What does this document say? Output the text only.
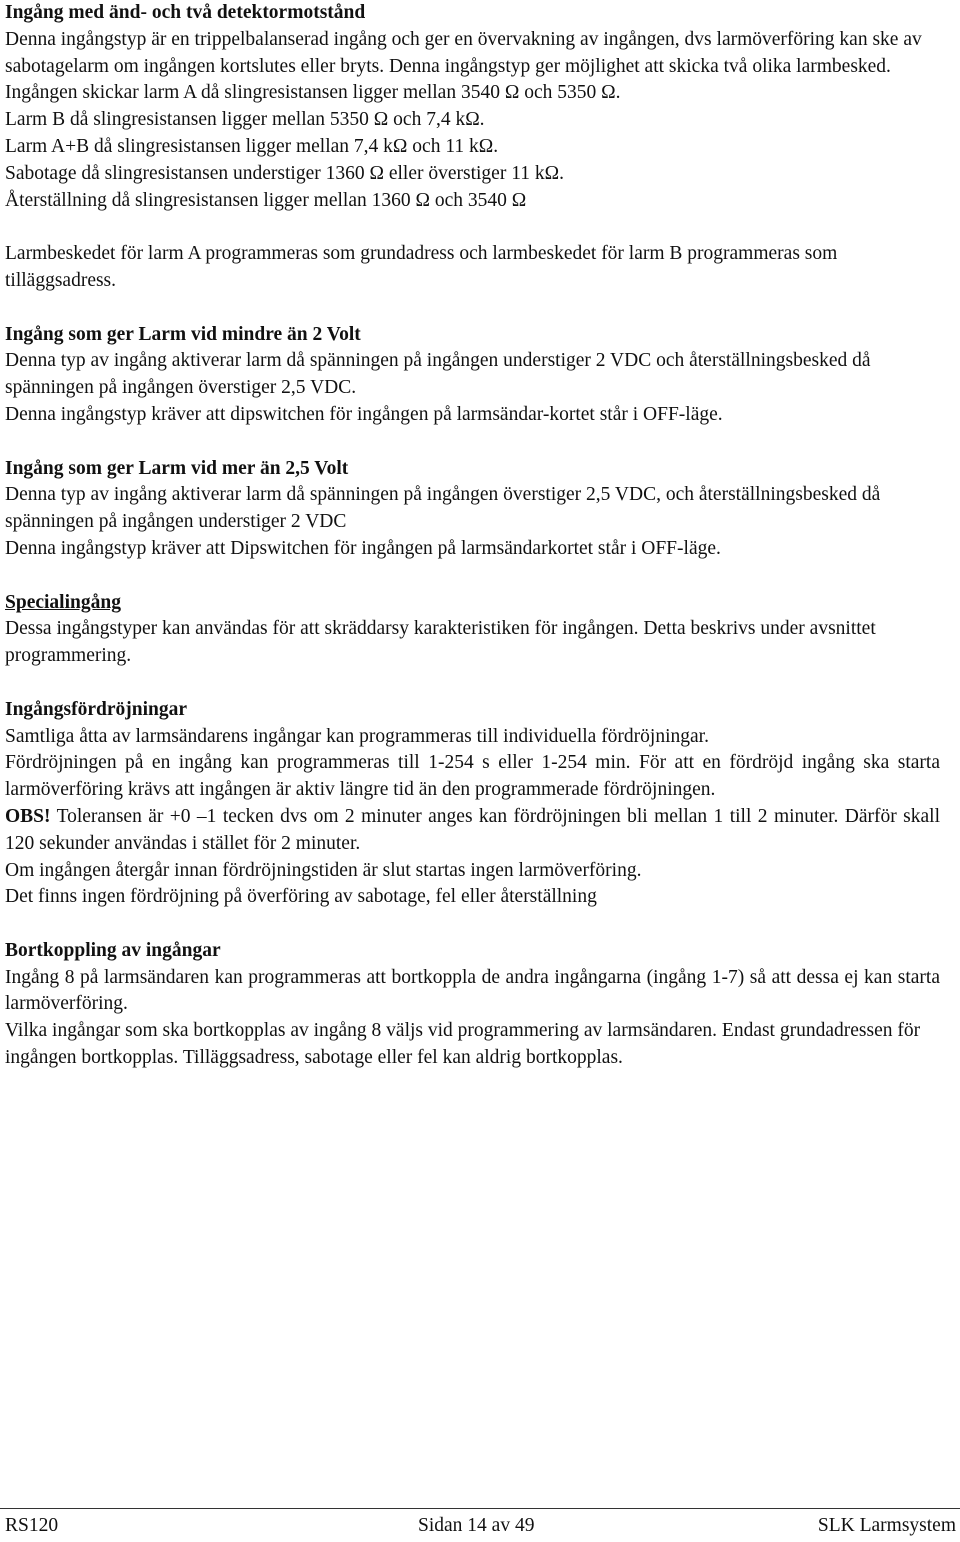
Ingång med änd- och två detektormotstånd

Denna ingångstyp är en trippelbalanserad ingång och ger en övervakning av ingången, dvs larmöverföring kan ske av sabotagelarm om ingången kortslutes eller bryts. Denna ingångstyp ger möjlighet att skicka två olika larmbesked.

Ingången skickar larm A då slingresistansen ligger mellan 3540 Ω och 5350 Ω.

Larm B då slingresistansen ligger mellan 5350 Ω och 7,4 kΩ.

Larm A+B då slingresistansen ligger mellan 7,4 kΩ och 11 kΩ.

Sabotage då slingresistansen understiger 1360 Ω eller överstiger 11 kΩ.

Återställning då slingresistansen ligger mellan 1360 Ω och 3540 Ω

Larmbeskedet för larm A programmeras som grundadress och larmbeskedet för larm B programmeras som tilläggsadress.

Ingång som ger Larm vid mindre än 2 Volt

Denna typ av ingång aktiverar larm då spänningen på ingången understiger 2 VDC och återställningsbesked då spänningen på ingången överstiger 2,5 VDC.

Denna ingångstyp kräver att dipswitchen för ingången på larmsändar-kortet står i OFF-läge.

Ingång som ger Larm vid mer än 2,5 Volt

Denna typ av ingång aktiverar larm då spänningen på ingången överstiger 2,5 VDC, och återställningsbesked då spänningen på ingången understiger 2 VDC

Denna ingångstyp kräver att Dipswitchen för ingången på larmsändarkortet står i OFF-läge.

Specialingång

Dessa ingångstyper kan användas för att skräddarsy karakteristiken för ingången. Detta beskrivs under avsnittet programmering.

Ingångsfördröjningar

Samtliga åtta av larmsändarens ingångar kan programmeras till individuella fördröjningar.

Fördröjningen på en ingång kan programmeras till 1-254 s eller 1-254 min. För att en fördröjd ingång ska starta larmöverföring krävs att ingången är aktiv längre tid än den programmerade fördröjningen.

OBS! Toleransen är +0 –1 tecken dvs om 2 minuter anges kan fördröjningen bli mellan 1 till 2 minuter. Därför skall 120 sekunder användas i stället för 2 minuter.

Om ingången återgår innan fördröjningstiden är slut startas ingen larmöverföring.

Det finns ingen fördröjning på överföring av sabotage, fel eller återställning

Bortkoppling av ingångar

Ingång 8 på larmsändaren kan programmeras att bortkoppla de andra ingångarna (ingång 1-7) så att dessa ej kan starta larmöverföring.

Vilka ingångar som ska bortkopplas av ingång 8 väljs vid programmering av larmsändaren. Endast grundadressen för ingången bortkopplas. Tilläggsadress, sabotage eller fel kan aldrig bortkopplas.

RS120	Sidan 14 av 49	SLK Larmsystem
